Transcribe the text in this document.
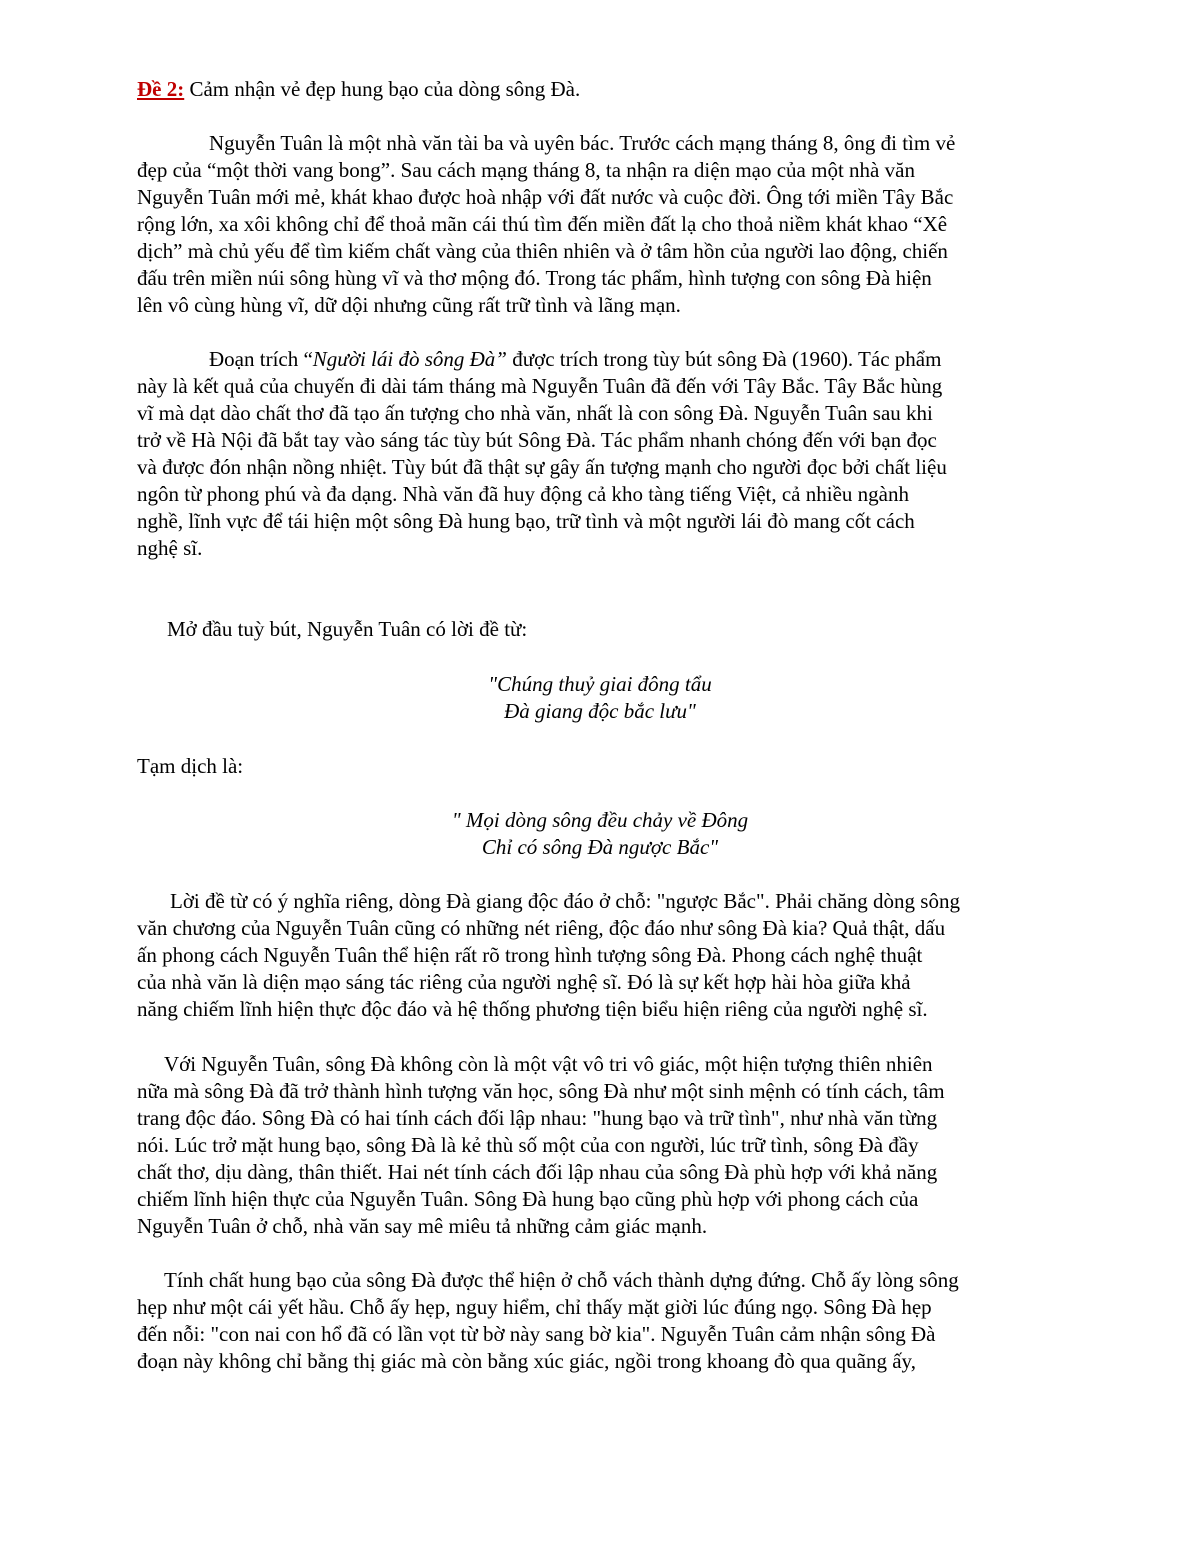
Đề 2: Cảm nhận vẻ đẹp hung bạo của dòng sông Đà.

Nguyễn Tuân là một nhà văn tài ba và uyên bác. Trước cách mạng tháng 8, ông đi tìm vẻ

đẹp của “một thời vang bong”. Sau cách mạng tháng 8, ta nhận ra diện mạo của một nhà văn

Nguyễn Tuân mới mẻ, khát khao được hoà nhập với đất nước và cuộc đời. Ông tới miền Tây Bắc

rộng lớn, xa xôi không chỉ để thoả mãn cái thú tìm đến miền đất lạ cho thoả niềm khát khao “Xê

dịch” mà chủ yếu để tìm kiếm chất vàng của thiên nhiên và ở tâm hồn của người lao động, chiến

đấu trên miền núi sông hùng vĩ và thơ mộng đó. Trong tác phẩm, hình tượng con sông Đà hiện

lên vô cùng hùng vĩ, dữ dội nhưng cũng rất trữ tình và lãng mạn.

Đoạn trích “Người lái đò sông Đà” được trích trong tùy bút sông Đà (1960). Tác phẩm

này là kết quả của chuyến đi dài tám tháng mà Nguyễn Tuân đã đến với Tây Bắc. Tây Bắc hùng

vĩ mà dạt dào chất thơ đã tạo ấn tượng cho nhà văn, nhất là con sông Đà. Nguyễn Tuân sau khi

trở về Hà Nội đã bắt tay vào sáng tác tùy bút Sông Đà. Tác phẩm nhanh chóng đến với bạn đọc

và được đón nhận nồng nhiệt. Tùy bút đã thật sự gây ấn tượng mạnh cho người đọc bởi chất liệu

ngôn từ phong phú và đa dạng. Nhà văn đã huy động cả kho tàng tiếng Việt, cả nhiều ngành

nghề, lĩnh vực để tái hiện một sông Đà hung bạo, trữ tình và một người lái đò mang cốt cách

nghệ sĩ.

Mở đầu tuỳ bút, Nguyễn Tuân có lời đề từ:

"Chúng thuỷ giai đông tẩu

Đà giang độc bắc lưu"

Tạm dịch là:

" Mọi dòng sông đều chảy về Đông

Chỉ có sông Đà ngược Bắc"

Lời đề từ có ý nghĩa riêng, dòng Đà giang độc đáo ở chỗ: "ngược Bắc". Phải chăng dòng sông

văn chương của Nguyễn Tuân cũng có những nét riêng, độc đáo như sông Đà kia? Quả thật, dấu

ấn phong cách Nguyễn Tuân thể hiện rất rõ trong hình tượng sông Đà. Phong cách nghệ thuật

của nhà văn là diện mạo sáng tác riêng của người nghệ sĩ. Đó là sự kết hợp hài hòa giữa khả

năng chiếm lĩnh hiện thực độc đáo và hệ thống phương tiện biểu hiện riêng của người nghệ sĩ.

Với Nguyễn Tuân, sông Đà không còn là một vật vô tri vô giác, một hiện tượng thiên nhiên

nữa mà sông Đà đã trở thành hình tượng văn học, sông Đà như một sinh mệnh có tính cách, tâm

trang độc đáo. Sông Đà có hai tính cách đối lập nhau: "hung bạo và trữ tình", như nhà văn từng

nói. Lúc trở mặt hung bạo, sông Đà là kẻ thù số một của con người, lúc trữ tình, sông Đà đầy

chất thơ, dịu dàng, thân thiết. Hai nét tính cách đối lập nhau của sông Đà phù hợp với khả năng

chiếm lĩnh hiện thực của Nguyễn Tuân. Sông Đà hung bạo cũng phù hợp với phong cách của

Nguyễn Tuân ở chỗ, nhà văn say mê miêu tả những cảm giác mạnh.

Tính chất hung bạo của sông Đà được thể hiện ở chỗ vách thành dựng đứng. Chỗ ấy lòng sông

hẹp như một cái yết hầu. Chỗ ấy hẹp, nguy hiểm, chỉ thấy mặt giời lúc đúng ngọ. Sông Đà hẹp

đến nỗi: "con nai con hổ đã có lần vọt từ bờ này sang bờ kia". Nguyễn Tuân cảm nhận sông Đà

đoạn này không chỉ bằng thị giác mà còn bằng xúc giác, ngồi trong khoang đò qua quãng ấy,
